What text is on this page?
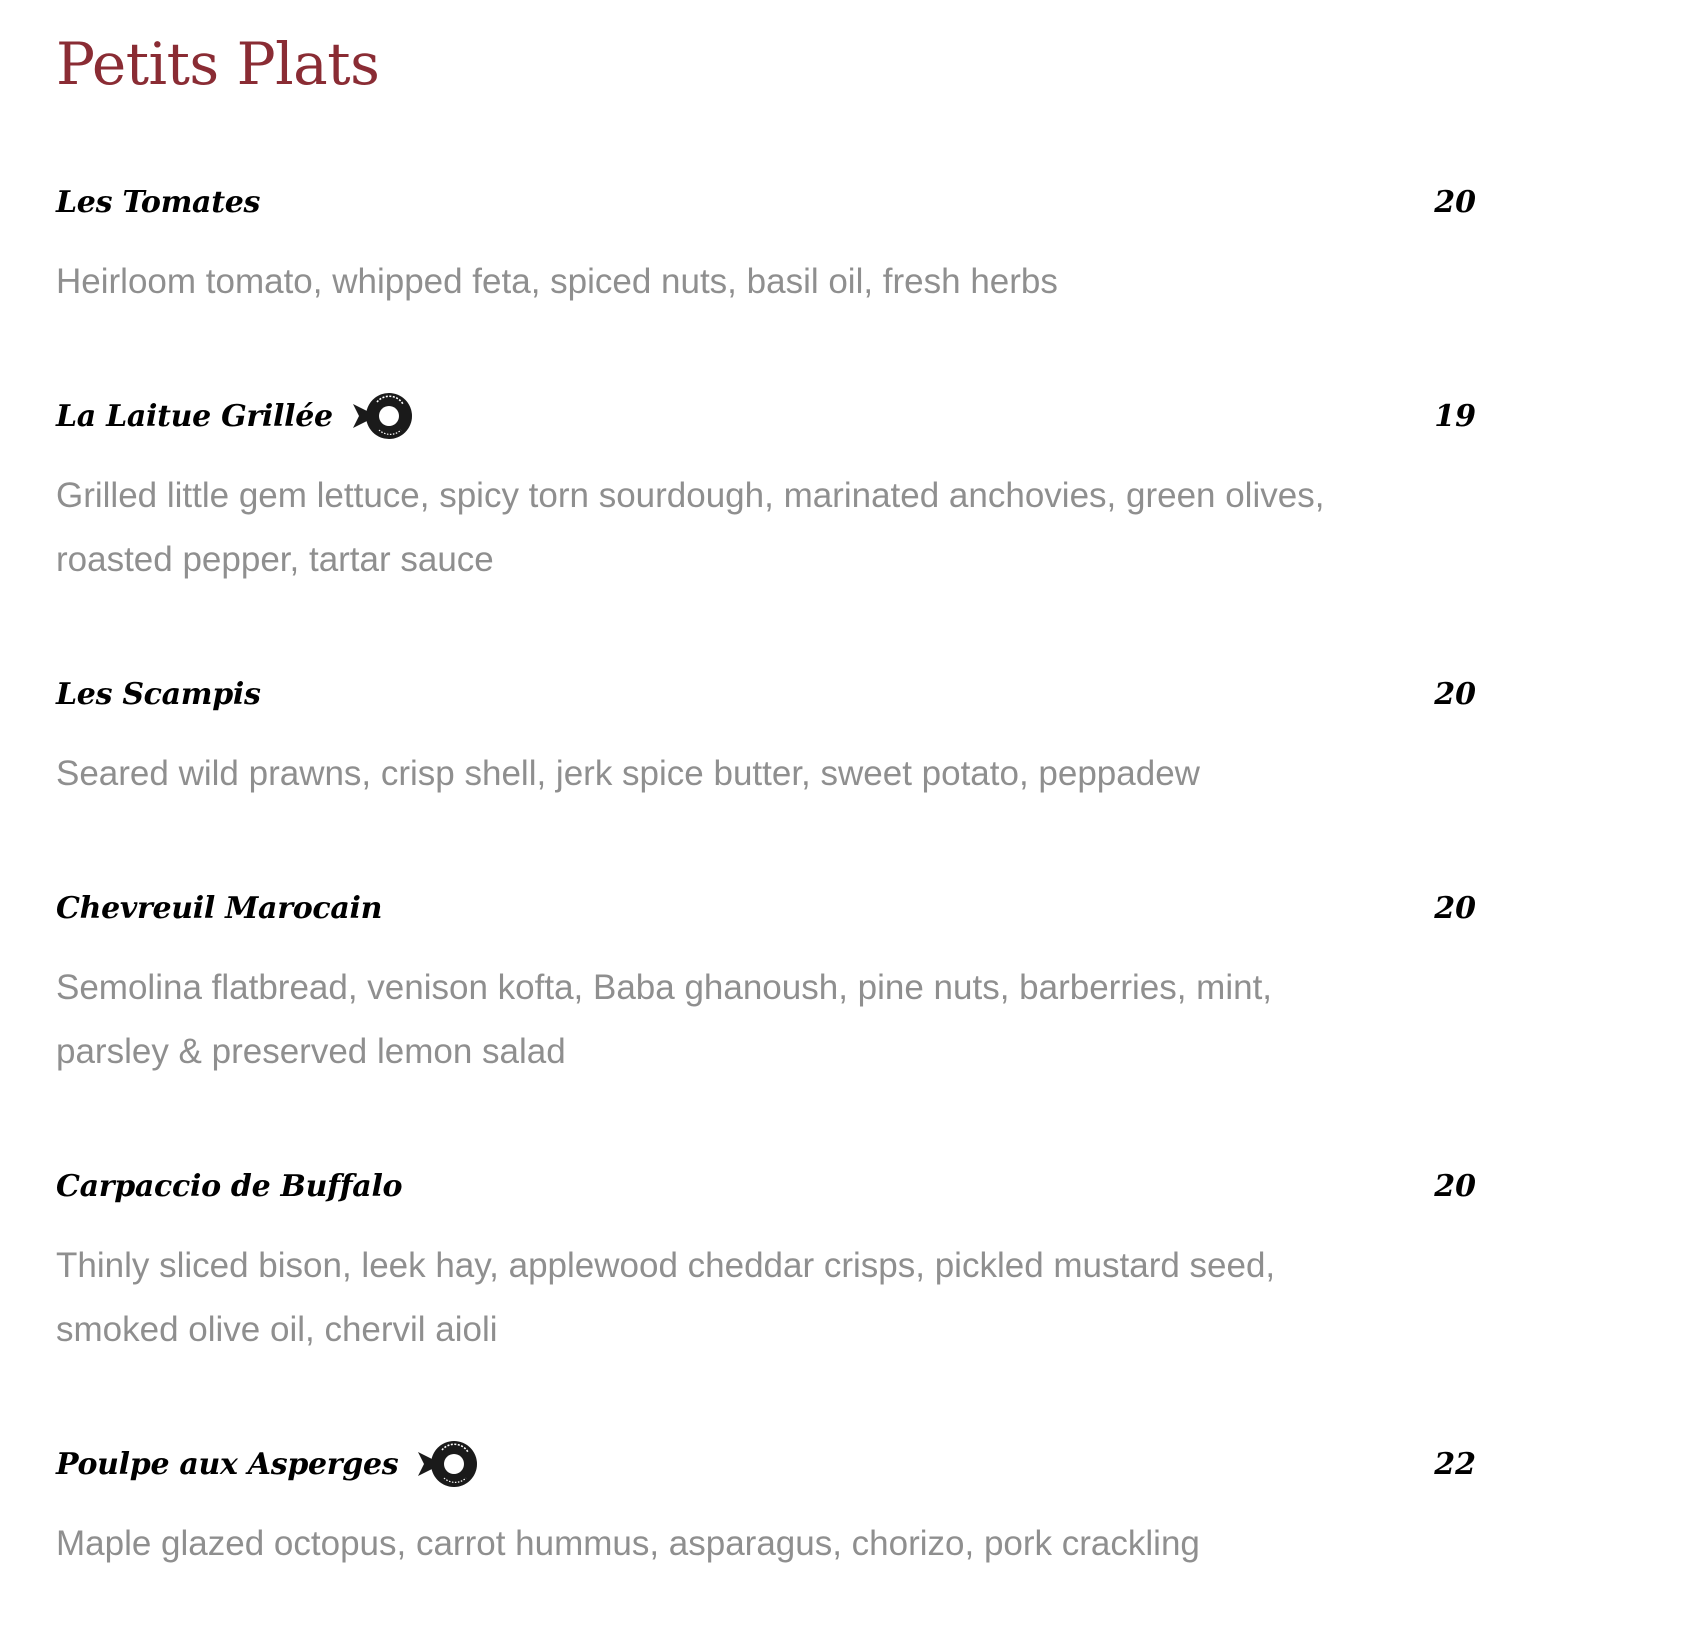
Petits Plats
Les Tomates	20
Heirloom tomato, whipped feta, spiced nuts, basil oil, fresh herbs
La Laitue Grillée	19
Grilled little gem lettuce, spicy torn sourdough, marinated anchovies, green olives, roasted pepper, tartar sauce
Les Scampis	20
Seared wild prawns, crisp shell, jerk spice butter, sweet potato, peppadew
Chevreuil Marocain	20
Semolina flatbread, venison kofta, Baba ghanoush, pine nuts, barberries, mint, parsley & preserved lemon salad
Carpaccio de Buffalo	20
Thinly sliced bison, leek hay, applewood cheddar crisps, pickled mustard seed, smoked olive oil, chervil aioli
Poulpe aux Asperges	22
Maple glazed octopus, carrot hummus, asparagus, chorizo, pork crackling
